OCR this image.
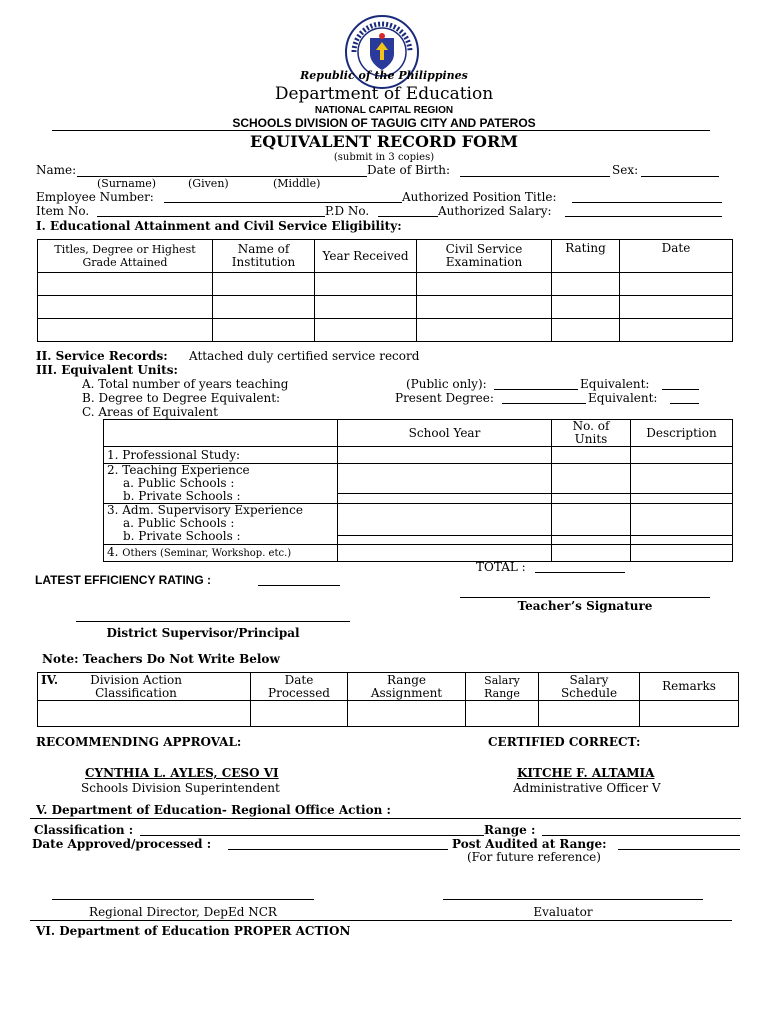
Republic of the Philippines
Department of Education
NATIONAL CAPITAL REGION
SCHOOLS DIVISION OF TAGUIG CITY AND PATEROS
EQUIVALENT RECORD FORM
(submit in 3 copies)
Name:	Date of Birth:	Sex:
(Surname)	(Given)	(Middle)
Employee Number:	Authorized Position Title:
Item No.	P.D No.	Authorized Salary:
I. Educational Attainment and Civil Service Eligibility:
Titles, Degree or Highest Grade Attained	Name of Institution	Year Received	Civil Service Examination	Rating	Date

II. Service Records: Attached duly certified service record
III. Equivalent Units:
A. Total number of years teaching	(Public only):	Equivalent:
B. Degree to Degree Equivalent:	Present Degree:	Equivalent:
C. Areas of Equivalent
	School Year	No. of Units	Description
1. Professional Study:			

2. Teaching Experience
a. Public Schools :
b. Private Schools :			

3. Adm. Supervisory Experience
a. Public Schools :
b. Private Schools :			

4. Others (Seminar, Workshop. etc.)			
TOTAL :
LATEST EFFICIENCY RATING :
Teacher’s Signature
District Supervisor/Principal
Note: Teachers Do Not Write Below
IV. Division Action Classification	Date Processed	Range Assignment	Salary Range	Salary Schedule	Remarks

RECOMMENDING APPROVAL:	CERTIFIED CORRECT:
CYNTHIA L. AYLES, CESO VI
Schools Division Superintendent
KITCHE F. ALTAMIA
Administrative Officer V
V. Department of Education- Regional Office Action :
Classification :	Range :
Date Approved/processed :	Post Audited at Range:
(For future reference)
Regional Director, DepEd NCR	Evaluator
VI. Department of Education PROPER ACTION
